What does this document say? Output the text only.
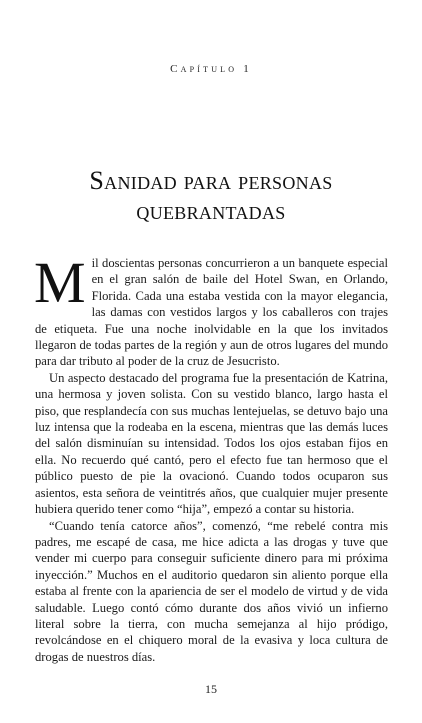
Capítulo 1
Sanidad para personas
quebrantadas

Mil doscientas personas concurrieron a un banquete especial en el gran salón de baile del Hotel Swan, en Orlando, Florida. Cada una estaba vestida con la mayor elegancia, las damas con vestidos largos y los caballeros con trajes de etiqueta. Fue una noche inolvidable en la que los invitados llegaron de todas partes de la región y aun de otros lugares del mundo para dar tributo al poder de la cruz de Jesucristo.

Un aspecto destacado del programa fue la presentación de Katrina, una hermosa y joven solista. Con su vestido blanco, largo hasta el piso, que resplandecía con sus muchas lentejuelas, se detuvo bajo una luz intensa que la rodeaba en la escena, mientras que las demás luces del salón disminuían su intensidad. Todos los ojos estaban fijos en ella. No recuerdo qué cantó, pero el efecto fue tan hermoso que el público puesto de pie la ovacionó. Cuando todos ocuparon sus asientos, esta señora de veintitrés años, que cualquier mujer presente hubiera querido tener como “hija”, empezó a contar su historia.

“Cuando tenía catorce años”, comenzó, “me rebelé contra mis padres, me escapé de casa, me hice adicta a las drogas y tuve que vender mi cuerpo para conseguir suficiente dinero para mi próxima inyección.” Muchos en el auditorio quedaron sin aliento porque ella estaba al frente con la apariencia de ser el modelo de virtud y de vida saludable. Luego contó cómo durante dos años vivió un infierno literal sobre la tierra, con mucha semejanza al hijo pródigo, revolcándose en el chiquero moral de la evasiva y loca cultura de drogas de nuestros días.

15
